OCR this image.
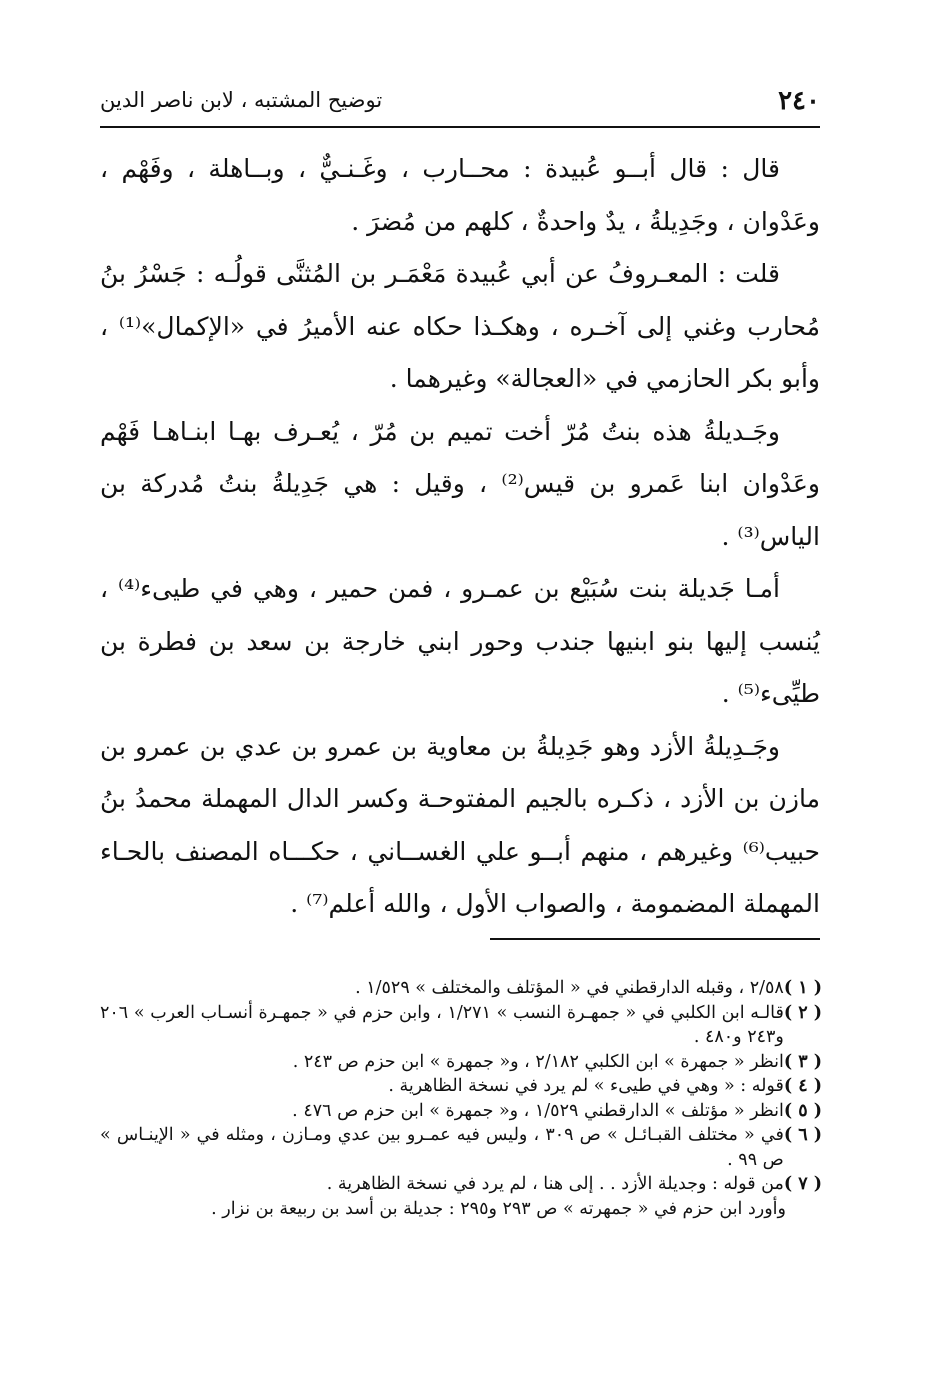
٢٤٠
توضيح المشتبه ، لابن ناصر الدين

قال : قال أبــو عُبيدة : محــارب ، وغَـنـيٌّ ، وبــاهلة ، وفَهْم ، وعَدْوان ، وجَدِيلةُ ، يدٌ واحدةٌ ، كلهم من مُضرَ .

قلت : المعـروفُ عن أبي عُبيدة مَعْمَـر بن المُثنَّى قولُـه : جَسْرُ بنُ مُحارب وغني إلى آخـره ، وهكـذا حكاه عنه الأميرُ في «الإكمال»⁽¹⁾ ، وأبو بكر الحازمي في «العجالة» وغيرهما .

وجَـديلةُ هذه بنتُ مُرّ أخت تميم بن مُرّ ، يُعـرف بهـا ابنـاهـا فَهْم وعَدْوان ابنا عَمرو بن قيس⁽²⁾ ، وقيل : هي جَدِيلةُ بنتُ مُدركة بن الياس⁽³⁾ .

أمـا جَديلة بنت سُبَيْع بن عمـرو ، فمن حمير ، وهي في طيىء⁽⁴⁾ ، يُنسب إليها بنو ابنيها جندب وحور ابني خارجة بن سعد بن فطرة بن طيِّىء⁽⁵⁾ .

وجَـدِيلةُ الأزد وهو جَدِيلةُ بن معاوية بن عمرو بن عدي بن عمرو بن مازن بن الأزد ، ذكـره بالجيم المفتوحـة وكسر الدال المهملة محمدُ بنُ حبيب⁽⁶⁾ وغيرهم ، منهم أبــو علي الغســاني ، حكـــاه المصنف بالحـاء المهملة المضمومة ، والصواب الأول ، والله أعلم⁽⁷⁾ .

( ١ )
٢/٥٨ ، وقبله الدارقطني في « المؤتلف والمختلف » ١/٥٢٩ .
( ٢ )
قالـه ابن الكلبي في « جمهـرة النسب » ١/٢٧١ ، وابن حزم في « جمهـرة أنسـاب العرب » ٢٠٦ و٢٤٣ و٤٨٠ .
( ٣ )
انظر « جمهرة » ابن الكلبي ٢/١٨٢ ، و« جمهرة » ابن حزم ص ٢٤٣ .
( ٤ )
قوله : « وهي في طيىء » لم يرد في نسخة الظاهرية .
( ٥ )
انظر « مؤتلف » الدارقطني ١/٥٢٩ ، و« جمهرة » ابن حزم ص ٤٧٦ .
( ٦ )
في « مختلف القبـائـل » ص ٣٠٩ ، وليس فيه عمـرو بين عدي ومـازن ، ومثله في « الإينـاس » ص ٩٩ .
( ٧ )
من قوله : وجديلة الأزد . . إلى هنا ، لم يرد في نسخة الظاهرية .

وأورد ابن حزم في « جمهرته » ص ٢٩٣ و٢٩٥ : جديلة بن أسد بن ربيعة بن نزار .
